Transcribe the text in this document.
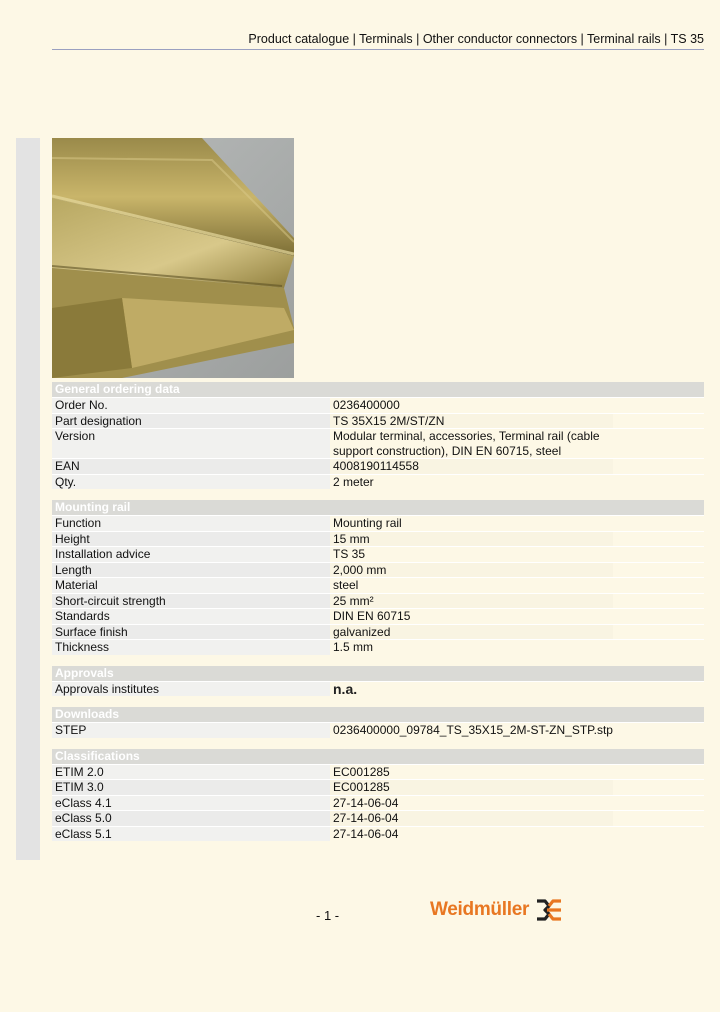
Product catalogue | Terminals | Other conductor connectors | Terminal rails | TS 35
General ordering data
Order No.	0236400000
Part designation	TS 35X15 2M/ST/ZN
Version	Modular terminal, accessories, Terminal rail (cable support construction), DIN EN 60715, steel
EAN	4008190114558
Qty.	2 meter
Mounting rail
Function	Mounting rail
Height	15 mm
Installation advice	TS 35
Length	2,000 mm
Material	steel
Short-circuit strength	25 mm²
Standards	DIN EN 60715
Surface finish	galvanized
Thickness	1.5 mm
Approvals
Approvals institutes	n.a.
Downloads
STEP	0236400000_09784_TS_35X15_2M-ST-ZN_STP.stp
Classifications
ETIM 2.0	EC001285
ETIM 3.0	EC001285
eClass 4.1	27-14-06-04
eClass 5.0	27-14-06-04
eClass 5.1	27-14-06-04
- 1 -	Weidmüller
